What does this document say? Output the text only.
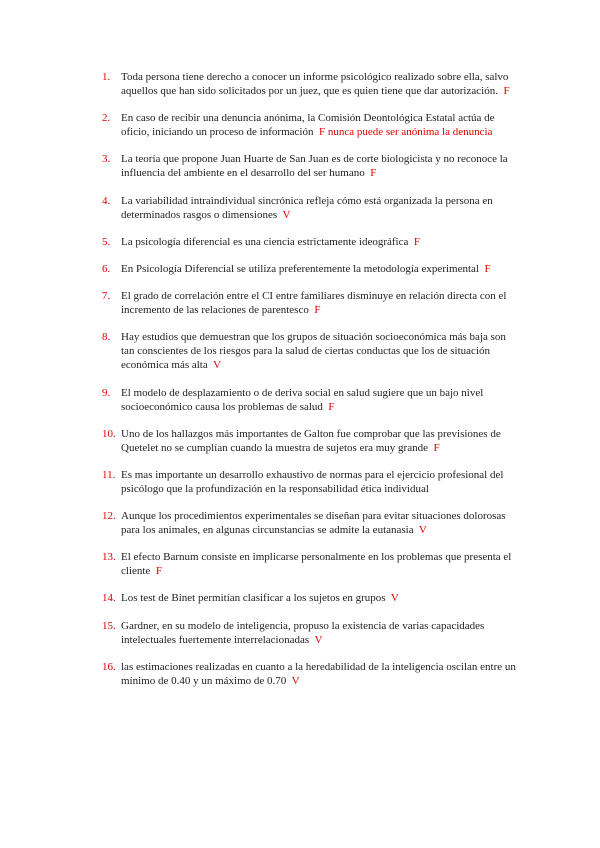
1. Toda persona tiene derecho a conocer un informe psicológico realizado sobre ella, salvo aquellos que han sido solicitados por un juez, que es quien tiene que dar autorización. F
2. En caso de recibir una denuncia anónima, la Comisión Deontológica Estatal actúa de oficio, iniciando un proceso de información F nunca puede ser anónima la denuncia
3. La teoría que propone Juan Huarte de San Juan es de corte biologicista y no reconoce la influencia del ambiente en el desarrollo del ser humano F
4. La variabilidad intraindividual sincrónica refleja cómo está organizada la persona en determinados rasgos o dimensiones V
5. La psicología diferencial es una ciencia estrictamente ideográfica F
6. En Psicología Diferencial se utiliza preferentemente la metodología experimental F
7. El grado de correlación entre el CI entre familiares disminuye en relación directa con el incremento de las relaciones de parentesco F
8. Hay estudios que demuestran que los grupos de situación socioeconómica más baja son tan conscientes de los riesgos para la salud de ciertas conductas que los de situación económica más alta V
9. El modelo de desplazamiento o de deriva social en salud sugiere que un bajo nivel socioeconómico causa los problemas de salud F
10. Uno de los hallazgos más importantes de Galton fue comprobar que las previsiones de Quetelet no se cumplían cuando la muestra de sujetos era muy grande F
11. Es mas importante un desarrollo exhaustivo de normas para el ejercicio profesional del psicólogo que la profundización en la responsabilidad ética individual
12. Aunque los procedimientos experimentales se diseñan para evitar situaciones dolorosas para los animales, en algunas circunstancias se admite la eutanasia V
13. El efecto Barnum consiste en implicarse personalmente en los problemas que presenta el cliente F
14. Los test de Binet permitían clasificar a los sujetos en grupos V
15. Gardner, en su modelo de inteligencia, propuso la existencia de varias capacidades intelectuales fuertemente interrelacionadas V
16. las estimaciones realizadas en cuanto a la heredabilidad de la inteligencia oscilan entre un mínimo de 0.40 y un máximo de 0.70 V
